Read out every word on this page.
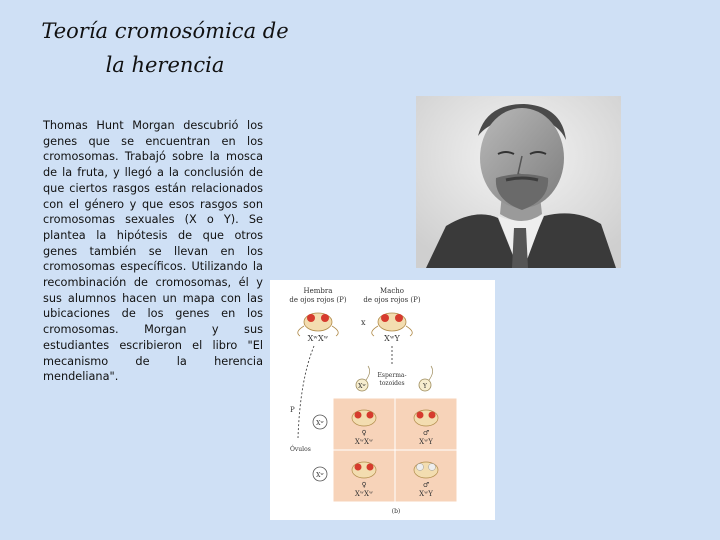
Teoría cromosómica de
la herencia
Thomas Hunt Morgan descubrió los genes que se encuentran en los cromosomas. Trabajó sobre la mosca de la fruta, y llegó a la conclusión de que ciertos rasgos están relacionados con el género y que esos rasgos son cromosomas sexuales (X o Y). Se plantea la hipótesis de que otros genes también se llevan en los cromosomas específicos. Utilizando la recombinación de cromosomas, él y sus alumnos hacen un mapa con las ubicaciones de los genes en los cromosomas. Morgan y sus estudiantes escribieron el libro "El mecanismo de la herencia mendeliana".
Hembra
de ojos rojos (P)
Macho
de ojos rojos (P)
x
XʷXʷ	XʷY
Xʷ	Y
Esperma-
tozoides
P
Óvulos
Xʷ
Xʷ
♀
XʷXʷ
♂
XʷY
♀
XʷXʷ
♂
XʷY
(b)
